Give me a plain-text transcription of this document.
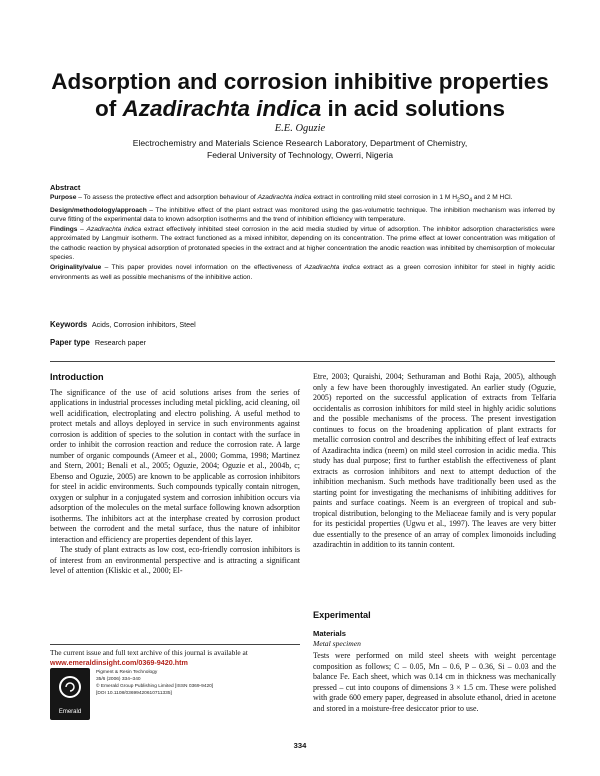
Adsorption and corrosion inhibitive properties
of Azadirachta indica in acid solutions
E.E. Oguzie
Electrochemistry and Materials Science Research Laboratory, Department of Chemistry,
Federal University of Technology, Owerri, Nigeria

Abstract

Purpose – To assess the protective effect and adsorption behaviour of Azadirachta indica extract in controlling mild steel corrosion in 1 M $H_2SO_4$ and 2 M HCl.

Design/methodology/approach – The inhibitive effect of the plant extract was monitored using the gas-volumetric technique. The inhibition mechanism was inferred by curve fitting of the experimental data to known adsorption isotherms and the trend of inhibition efficiency with temperature.

Findings – Azadirachta indica extract effectively inhibited steel corrosion in the acid media studied by virtue of adsorption. The inhibitor adsorption characteristics were approximated by Langmuir isotherm. The extract functioned as a mixed inhibitor, depending on its concentration. The prime effect at lower concentration was mitigation of the cathodic reaction by physical adsorption of protonated species in the extract and at higher concentration the anodic reaction was inhibited by chemisorption of molecular species.

Originality/value – This paper provides novel information on the effectiveness of Azadirachta indica extract as a green corrosion inhibitor for steel in highly acidic environments as well as possible mechanisms of the inhibitive action.

Keywords Acids, Corrosion inhibitors, Steel
Paper type Research paper
Introduction

The significance of the use of acid solutions arises from the series of applications in industrial processes including metal pickling, acid cleaning, oil well acidification, electroplating and electro polishing. A useful method to protect metals and alloys deployed in service in such environments against corrosion is addition of species to the solution in contact with the surface in order to inhibit the corrosion reaction and reduce the corrosion rate. A large number of organic compounds (Ameer et al., 2000; Gomma, 1998; Martinez and Stern, 2001; Benali et al., 2005; Oguzie, 2004; Oguzie et al., 2004b, c; Ebenso and Oguzie, 2005) are known to be applicable as corrosion inhibitors for steel in acidic environments. Such compounds typically contain nitrogen, oxygen or sulphur in a conjugated system and corrosion inhibition occurs via adsorption of the molecules on the metal surface following known adsorption isotherms. The inhibitors act at the interphase created by corrosion product between the corrodent and the metal surface, thus the nature of inhibitor interaction and efficiency are properties dependent of this layer.

The study of plant extracts as low cost, eco-friendly corrosion inhibitors is of interest from an environmental perspective and is attracting a significant level of attention (Kliskic et al., 2000; El-

Etre, 2003; Quraishi, 2004; Sethuraman and Bothi Raja, 2005), although only a few have been thoroughly investigated. An earlier study (Oguzie, 2005) reported on the successful application of extracts from Telfaria occidentalis as corrosion inhibitors for mild steel in highly acidic solutions and the possible mechanisms of the process. The present investigation continues to focus on the broadening application of plant extracts for metallic corrosion control and describes the inhibiting effect of leaf extracts of Azadirachta indica (neem) on mild steel corrosion in acidic media. This study has dual purpose; first to further establish the effectiveness of plant extracts as corrosion inhibitors and next to attempt deduction of the inhibition mechanism. Such methods have traditionally been used as the starting point for investigating the mechanisms of inhibiting additives for paints and surface coatings. Neem is an evergreen of tropical and sub-tropical distribution, belonging to the Meliaceae family and is very popular for its pesticidal properties (Ugwu et al., 1997). The leaves are very bitter due essentially to the presence of an array of complex limonoids including azadirachtin in addition to its tannin content.

Experimental
Materials
Metal specimen
Tests were performed on mild steel sheets with weight percentage composition as follows; C – 0.05, Mn – 0.6, P – 0.36, Si – 0.03 and the balance Fe. Each sheet, which was 0.14 cm in thickness was mechanically pressed – cut into coupons of dimensions 3 × 1.5 cm. These were polished with grade 600 emery paper, degreased in absolute ethanol, dried in acetone and stored in a moisture-free desiccator prior to use.
The current issue and full text archive of this journal is available at
www.emeraldinsight.com/0369-9420.htm
Emerald
Pigment & Resin Technology
35/6 (2006) 334–340
© Emerald Group Publishing Limited [ISSN 0369-9420]
[DOI 10.1108/03699420610711335]
334
